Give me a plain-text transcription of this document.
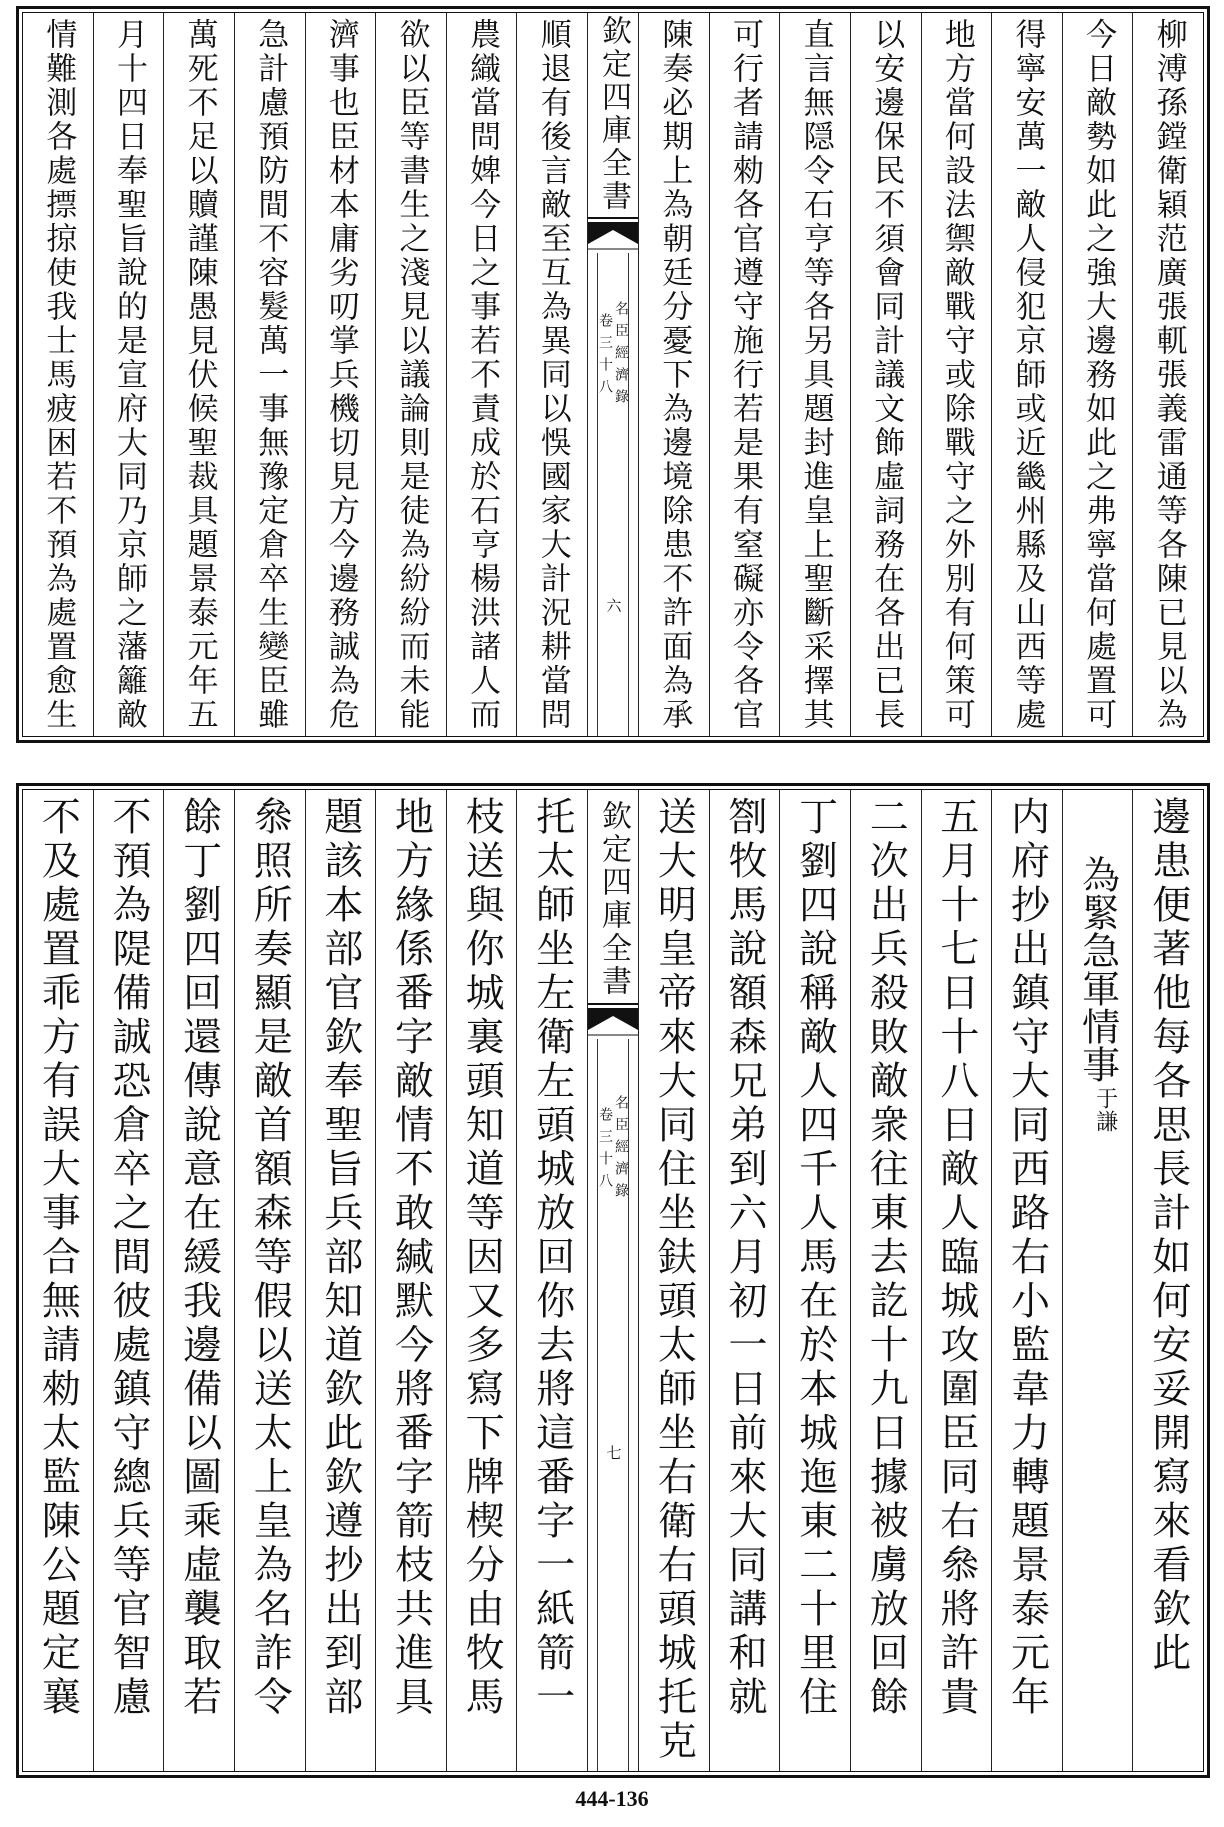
柳溥孫鏜衛穎范廣張軏張義雷通等各陳已見以為
今日敵勢如此之強大邊務如此之弗寧當何處置可
得寧安萬一敵人侵犯京師或近畿州縣及山西等處
地方當何設法禦敵戰守或除戰守之外別有何策可
以安邊保民不須會同計議文飾虛詞務在各出已長
直言無隠令石亨等各另具題封進皇上聖斷采擇其
可行者請勑各官遵守施行若是果有窒礙亦令各官
陳奏必期上為朝廷分憂下為邊境除患不許面為承
欽定四庫全書
名臣經濟錄
卷三十八
六
順退有後言敵至互為異同以悞國家大計況耕當問
農織當問婢今日之事若不責成於石亨楊洪諸人而
欲以臣等書生之淺見以議論則是徒為紛紛而未能
濟事也臣材本庸劣叨掌兵機切見方今邊務誠為危
急計慮預防間不容髮萬一事無豫定倉卒生變臣雖
萬死不足以贖謹陳愚見伏候聖裁具題景泰元年五
月十四日奉聖旨說的是宣府大同乃京師之藩籬敵
情難測各處摽掠使我士馬疲困若不預為處置愈生
邊患便著他每各思長計如何安妥開寫來看欽此
為緊急軍情事
于謙
内府抄出鎮守大同西路右小監韋力轉題景泰元年
五月十七日十八日敵人臨城攻圍臣同右叅將許貴
二次出兵殺敗敵衆往東去訖十九日據被虜放回餘
丁劉四說稱敵人四千人馬在於本城迤東二十里住
劄牧馬說額森兄弟到六月初一日前來大同講和就
送大明皇帝來大同住坐鈇頭太師坐右衛右頭城托克
欽定四庫全書
名臣經濟錄
卷三十八
七
托太師坐左衛左頭城放回你去將這番字一紙箭一
枝送與你城裏頭知道等因又多寫下牌楔分由牧馬
地方緣係番字敵情不敢緘默今將番字箭枝共進具
題該本部官欽奉聖旨兵部知道欽此欽遵抄出到部
叅照所奏顯是敵首額森等假以送太上皇為名詐令
餘丁劉四回還傳說意在緩我邊備以圖乘虛襲取若
不預為隄備誠恐倉卒之間彼處鎮守總兵等官智慮
不及處置乖方有誤大事合無請勑太監陳公題定襄
444-136
